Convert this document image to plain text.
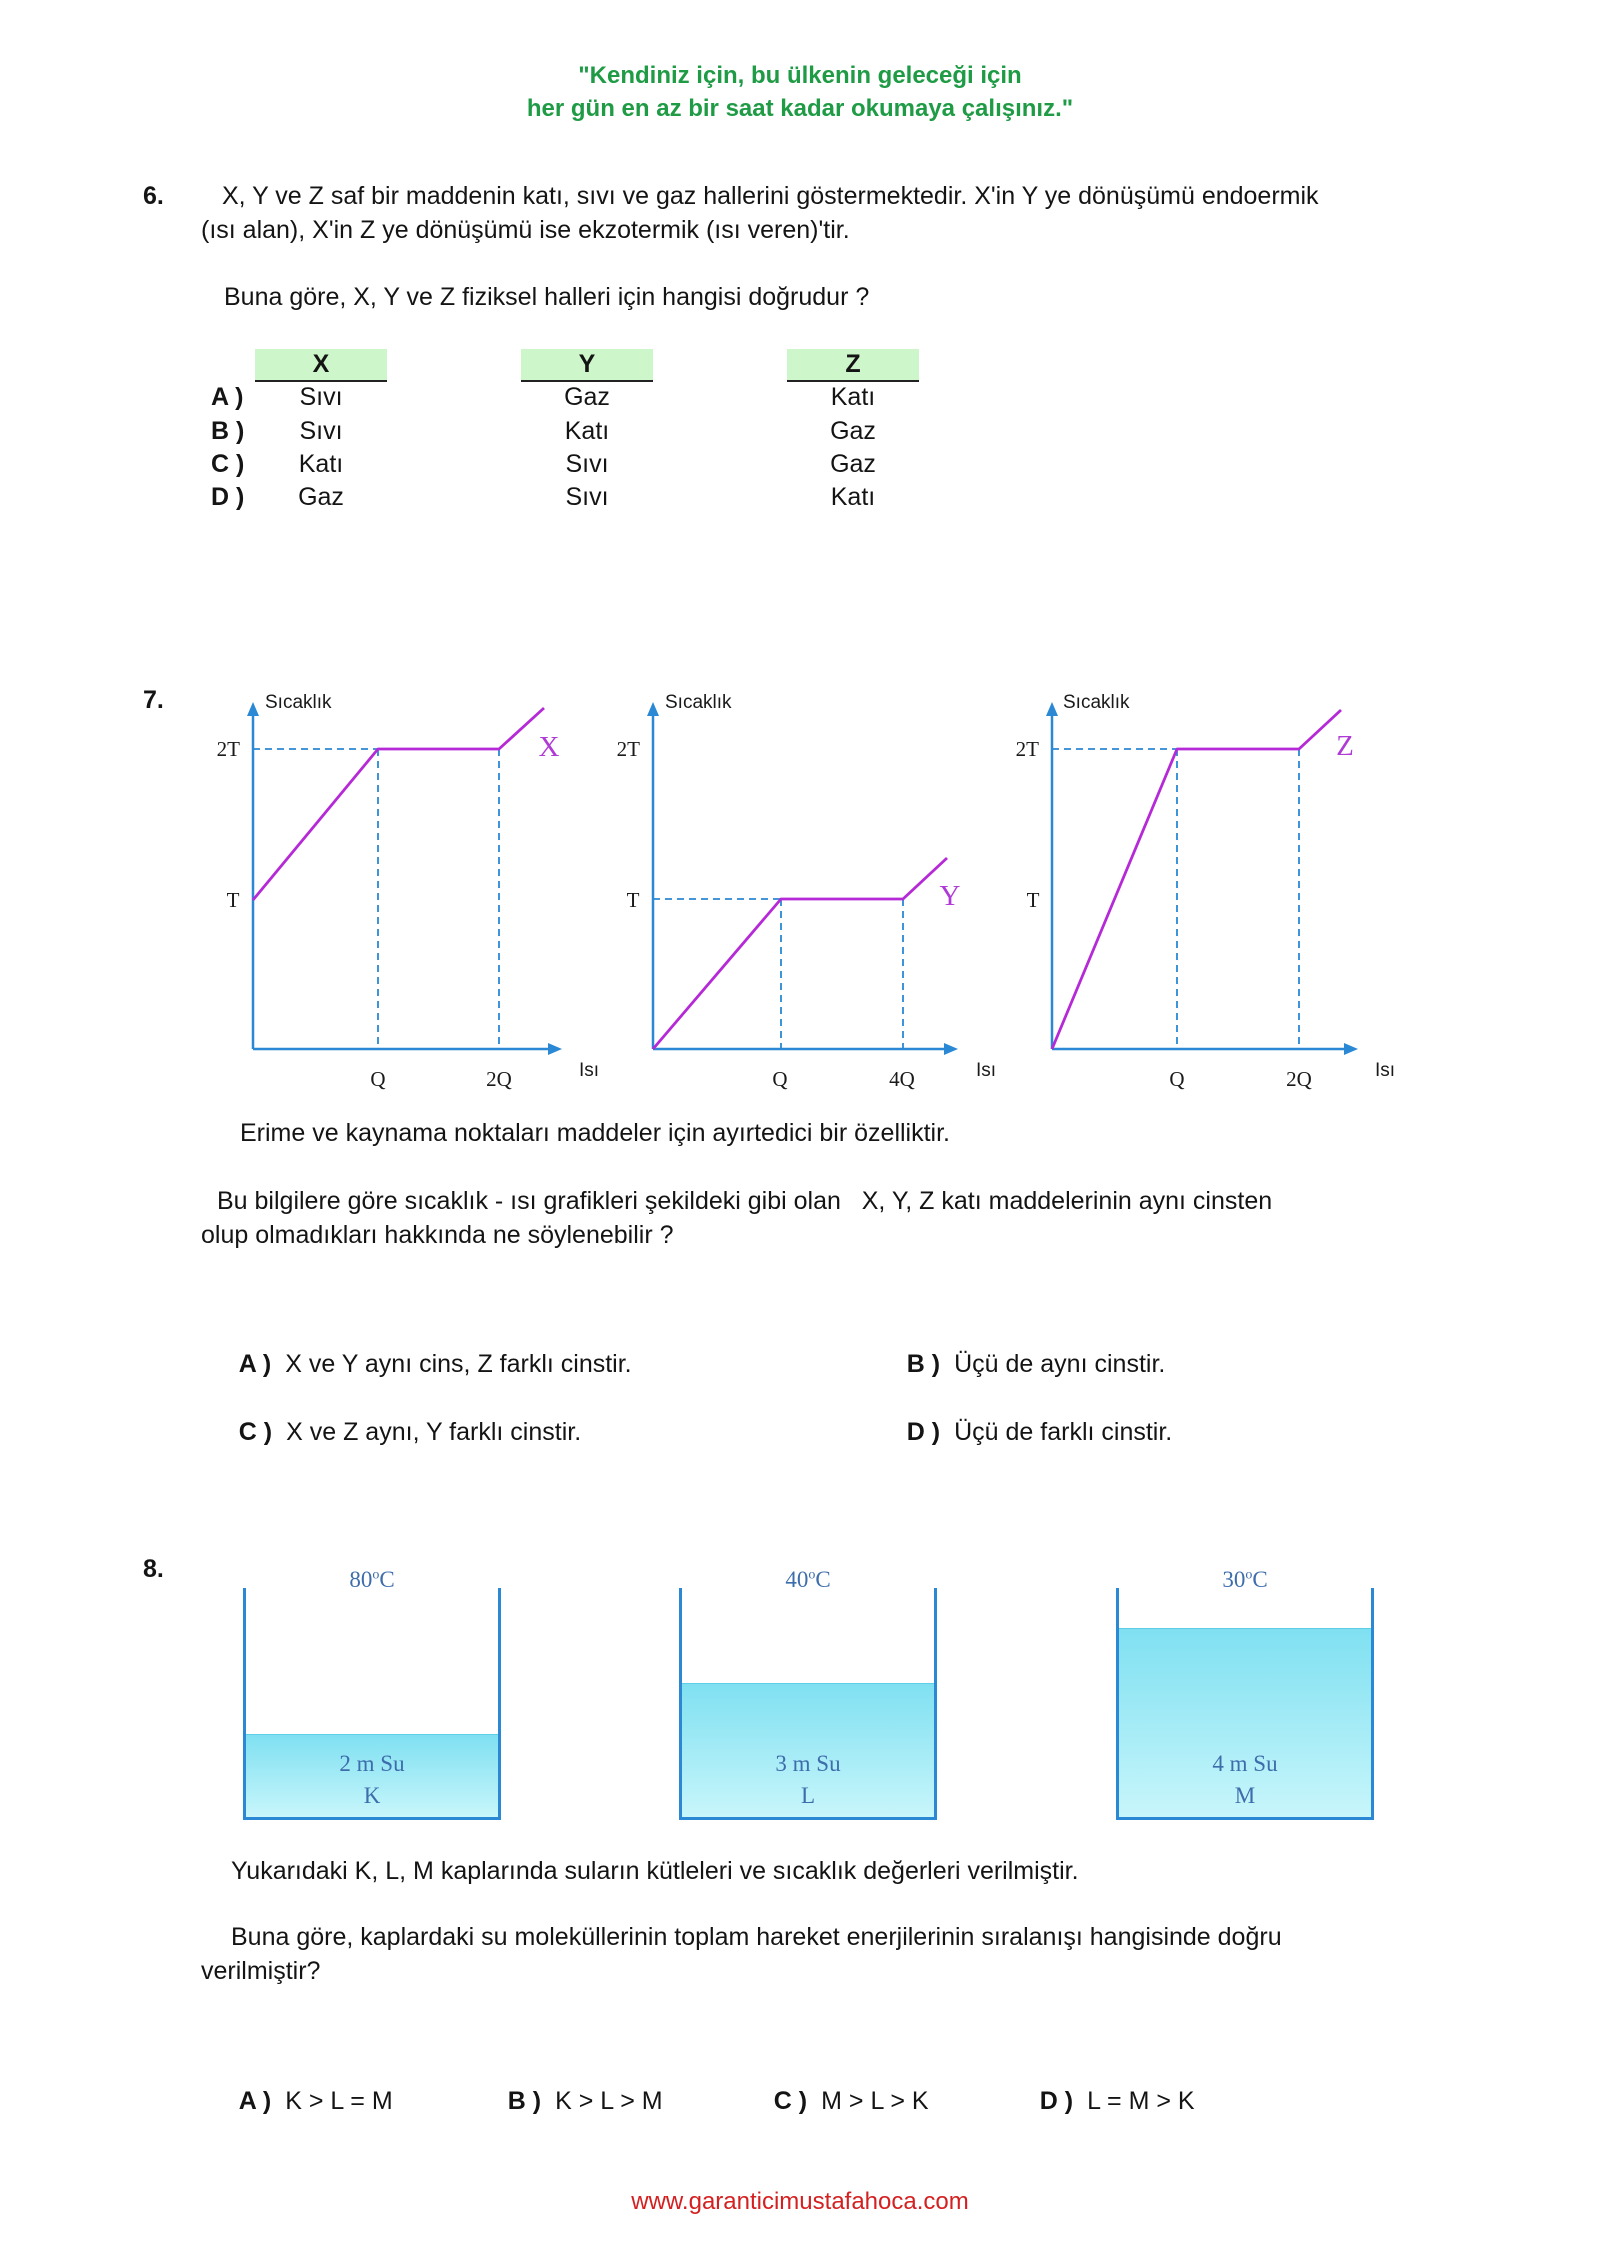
"Kendiniz için, bu ülkenin geleceği için
her gün en az bir saat kadar okumaya çalışınız."
6. X, Y ve Z saf bir maddenin katı, sıvı ve gaz hallerini göstermektedir. X'in Y ye dönüşümü endoermik
(ısı alan), X'in Z ye dönüşümü ise ekzotermik (ısı veren)'tir.
Buna göre, X, Y ve Z fiziksel halleri için hangisi doğrudur ?
X	Y	Z
A )	Sıvı	Gaz	Katı
B )	Sıvı	Katı	Gaz
C )	Katı	Sıvı	Gaz
D )	Gaz	Sıvı	Katı
7.	Sıcaklık
2T
T
Q	2Q	Isı
X
Sıcaklık
2T
T
Q	4Q	Isı
Y
Sıcaklık
2T
T
Q	2Q	Isı
Z
Erime ve kaynama noktaları maddeler için ayırtedici bir özelliktir.
Bu bilgilere göre sıcaklık - ısı grafikleri şekildeki gibi olan   X, Y, Z katı maddelerinin aynı cinsten
olup olmadıkları hakkında ne söylenebilir ?

A ) X ve Y aynı cins, Z farklı cinstir.
	B ) Üçü de aynı cinstir.

C ) X ve Z aynı, Y farklı cinstir.
	D ) Üçü de farklı cinstir.

8.	80$^o$C
2 m Su
K
40$^o$C
3 m Su
L
30$^o$C
4 m Su
M
Yukarıdaki K, L, M kaplarında suların kütleleri ve sıcaklık değerleri verilmiştir.
Buna göre, kaplardaki su moleküllerinin toplam hareket enerjilerinin sıralanışı hangisinde doğru
verilmiştir?

A ) K > L = M
	B ) K > L > M
	C ) M > L > K
	D ) L = M > K

www.garanticimustafahoca.com
